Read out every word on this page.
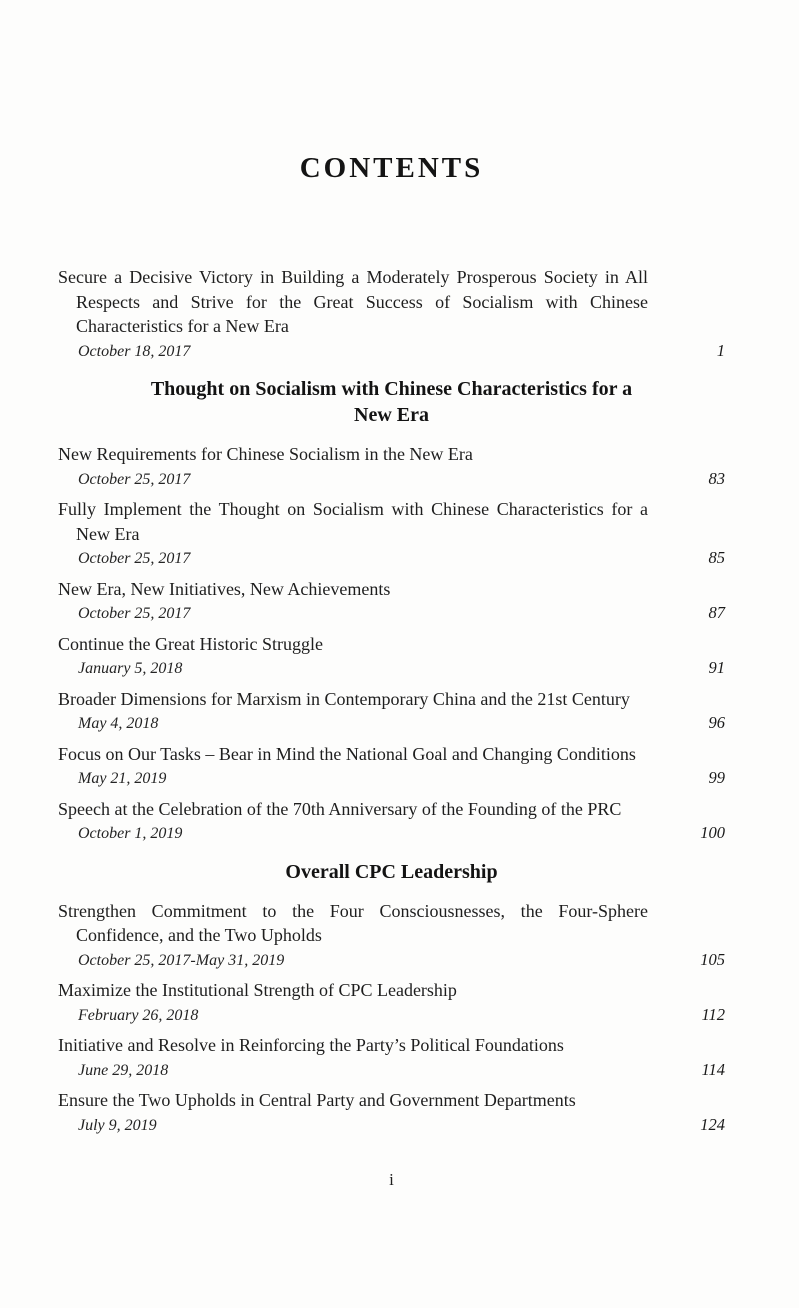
CONTENTS
Secure a Decisive Victory in Building a Moderately Prosperous Society in All Respects and Strive for the Great Success of Socialism with Chinese Characteristics for a New Era
October 18, 2017	1
Thought on Socialism with Chinese Characteristics for a New Era
New Requirements for Chinese Socialism in the New Era
October 25, 2017	83
Fully Implement the Thought on Socialism with Chinese Characteristics for a New Era
October 25, 2017	85
New Era, New Initiatives, New Achievements
October 25, 2017	87
Continue the Great Historic Struggle
January 5, 2018	91
Broader Dimensions for Marxism in Contemporary China and the 21st Century
May 4, 2018	96
Focus on Our Tasks – Bear in Mind the National Goal and Changing Conditions
May 21, 2019	99
Speech at the Celebration of the 70th Anniversary of the Founding of the PRC
October 1, 2019	100
Overall CPC Leadership
Strengthen Commitment to the Four Consciousnesses, the Four-Sphere Confidence, and the Two Upholds
October 25, 2017-May 31, 2019	105
Maximize the Institutional Strength of CPC Leadership
February 26, 2018	112
Initiative and Resolve in Reinforcing the Party’s Political Foundations
June 29, 2018	114
Ensure the Two Upholds in Central Party and Government Departments
July 9, 2019	124
i
